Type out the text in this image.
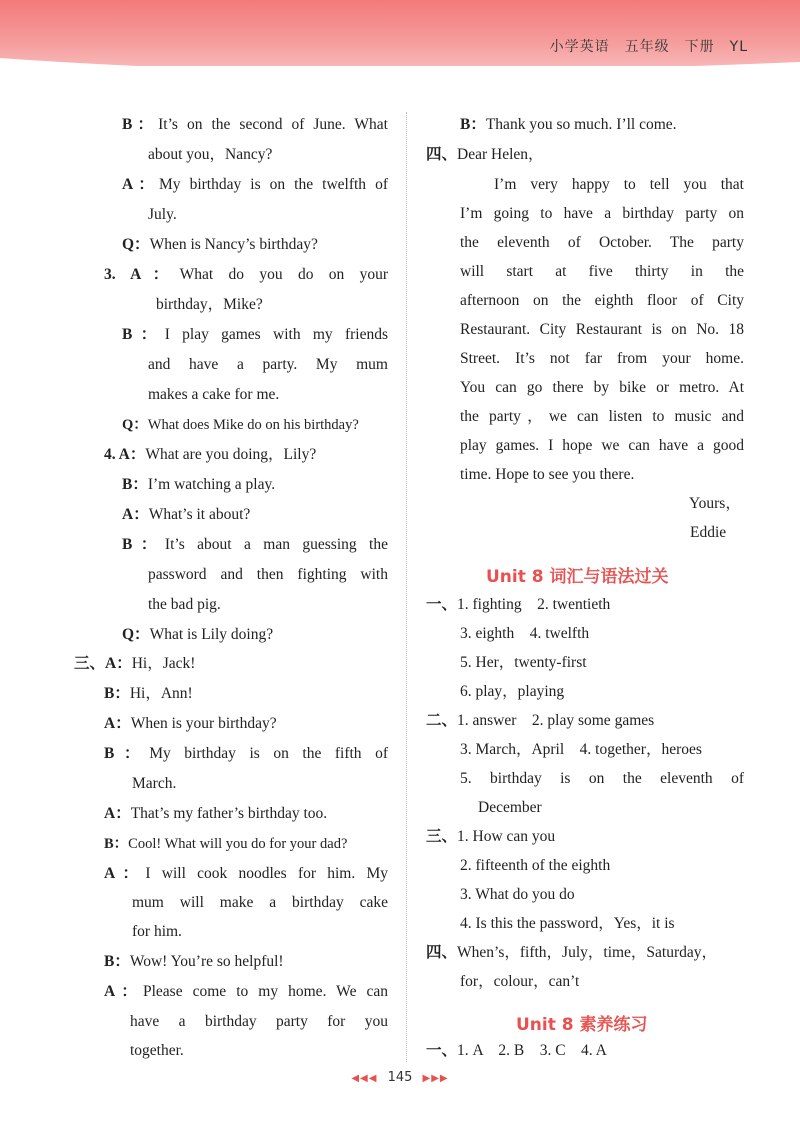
小学英语　五年级　下册　YL
B：It’s on the second of June. What
about you，Nancy?
A：My birthday is on the twelfth of
July.
Q：When is Nancy’s birthday?
3. A：What do you do on your
birthday，Mike?
B：I play games with my friends
and have a party. My mum
makes a cake for me.
Q：What does Mike do on his birthday?
4. A：What are you doing，Lily?
B：I’m watching a play.
A：What’s it about?
B：It’s about a man guessing the
password and then fighting with
the bad pig.
Q：What is Lily doing?
三、A：Hi，Jack!
B：Hi，Ann!
A：When is your birthday?
B：My birthday is on the fifth of
March.
A：That’s my father’s birthday too.
B：Cool! What will you do for your dad?
A：I will cook noodles for him. My
mum will make a birthday cake
for him.
B：Wow! You’re so helpful!
A：Please come to my home. We can
have a birthday party for you
together.
B：Thank you so much. I’ll come.
四、Dear Helen，
I’m very happy to tell you that
I’m going to have a birthday party on
the eleventh of October. The party
will start at five thirty in the
afternoon on the eighth floor of City
Restaurant. City Restaurant is on No. 18
Street. It’s not far from your home.
You can go there by bike or metro. At
the party，we can listen to music and
play games. I hope we can have a good
time. Hope to see you there.
Yours，
Eddie
Unit 8 词汇与语法过关
一、1. fighting　2. twentieth
3. eighth　4. twelfth
5. Her，twenty-first
6. play，playing
二、1. answer　2. play some games
3. March，April　4. together，heroes
5. birthday is on the eleventh of
December
三、1. How can you
2. fifteenth of the eighth
3. What do you do
4. Is this the password，Yes，it is
四、When’s，fifth，July，time，Saturday，
for，colour，can’t
Unit 8 素养练习
一、1. A　2. B　3. C　4. A
◀◀◀ 145 ▶▶▶
